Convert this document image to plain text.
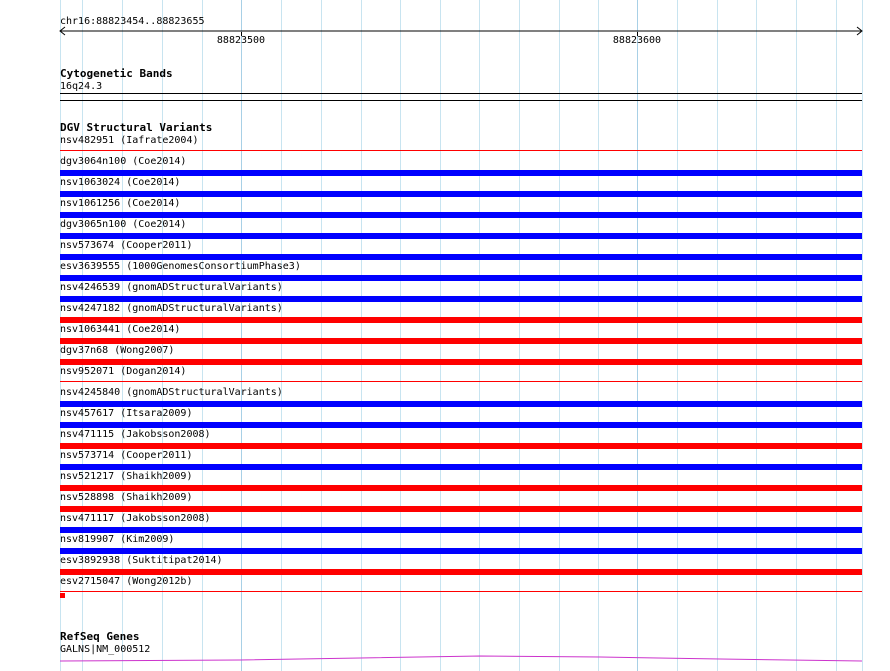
chr16:88823454..88823655
88823500	88823600
Cytogenetic Bands
16q24.3
DGV Structural Variants
nsv482951 (Iafrate2004)
dgv3064n100 (Coe2014)
nsv1063024 (Coe2014)
nsv1061256 (Coe2014)
dgv3065n100 (Coe2014)
nsv573674 (Cooper2011)
esv3639555 (1000GenomesConsortiumPhase3)
nsv4246539 (gnomADStructuralVariants)
nsv4247182 (gnomADStructuralVariants)
nsv1063441 (Coe2014)
dgv37n68 (Wong2007)
nsv952071 (Dogan2014)
nsv4245840 (gnomADStructuralVariants)
nsv457617 (Itsara2009)
nsv471115 (Jakobsson2008)
nsv573714 (Cooper2011)
nsv521217 (Shaikh2009)
nsv528898 (Shaikh2009)
nsv471117 (Jakobsson2008)
nsv819907 (Kim2009)
esv3892938 (Suktitipat2014)
esv2715047 (Wong2012b)
RefSeq Genes
GALNS|NM_000512
